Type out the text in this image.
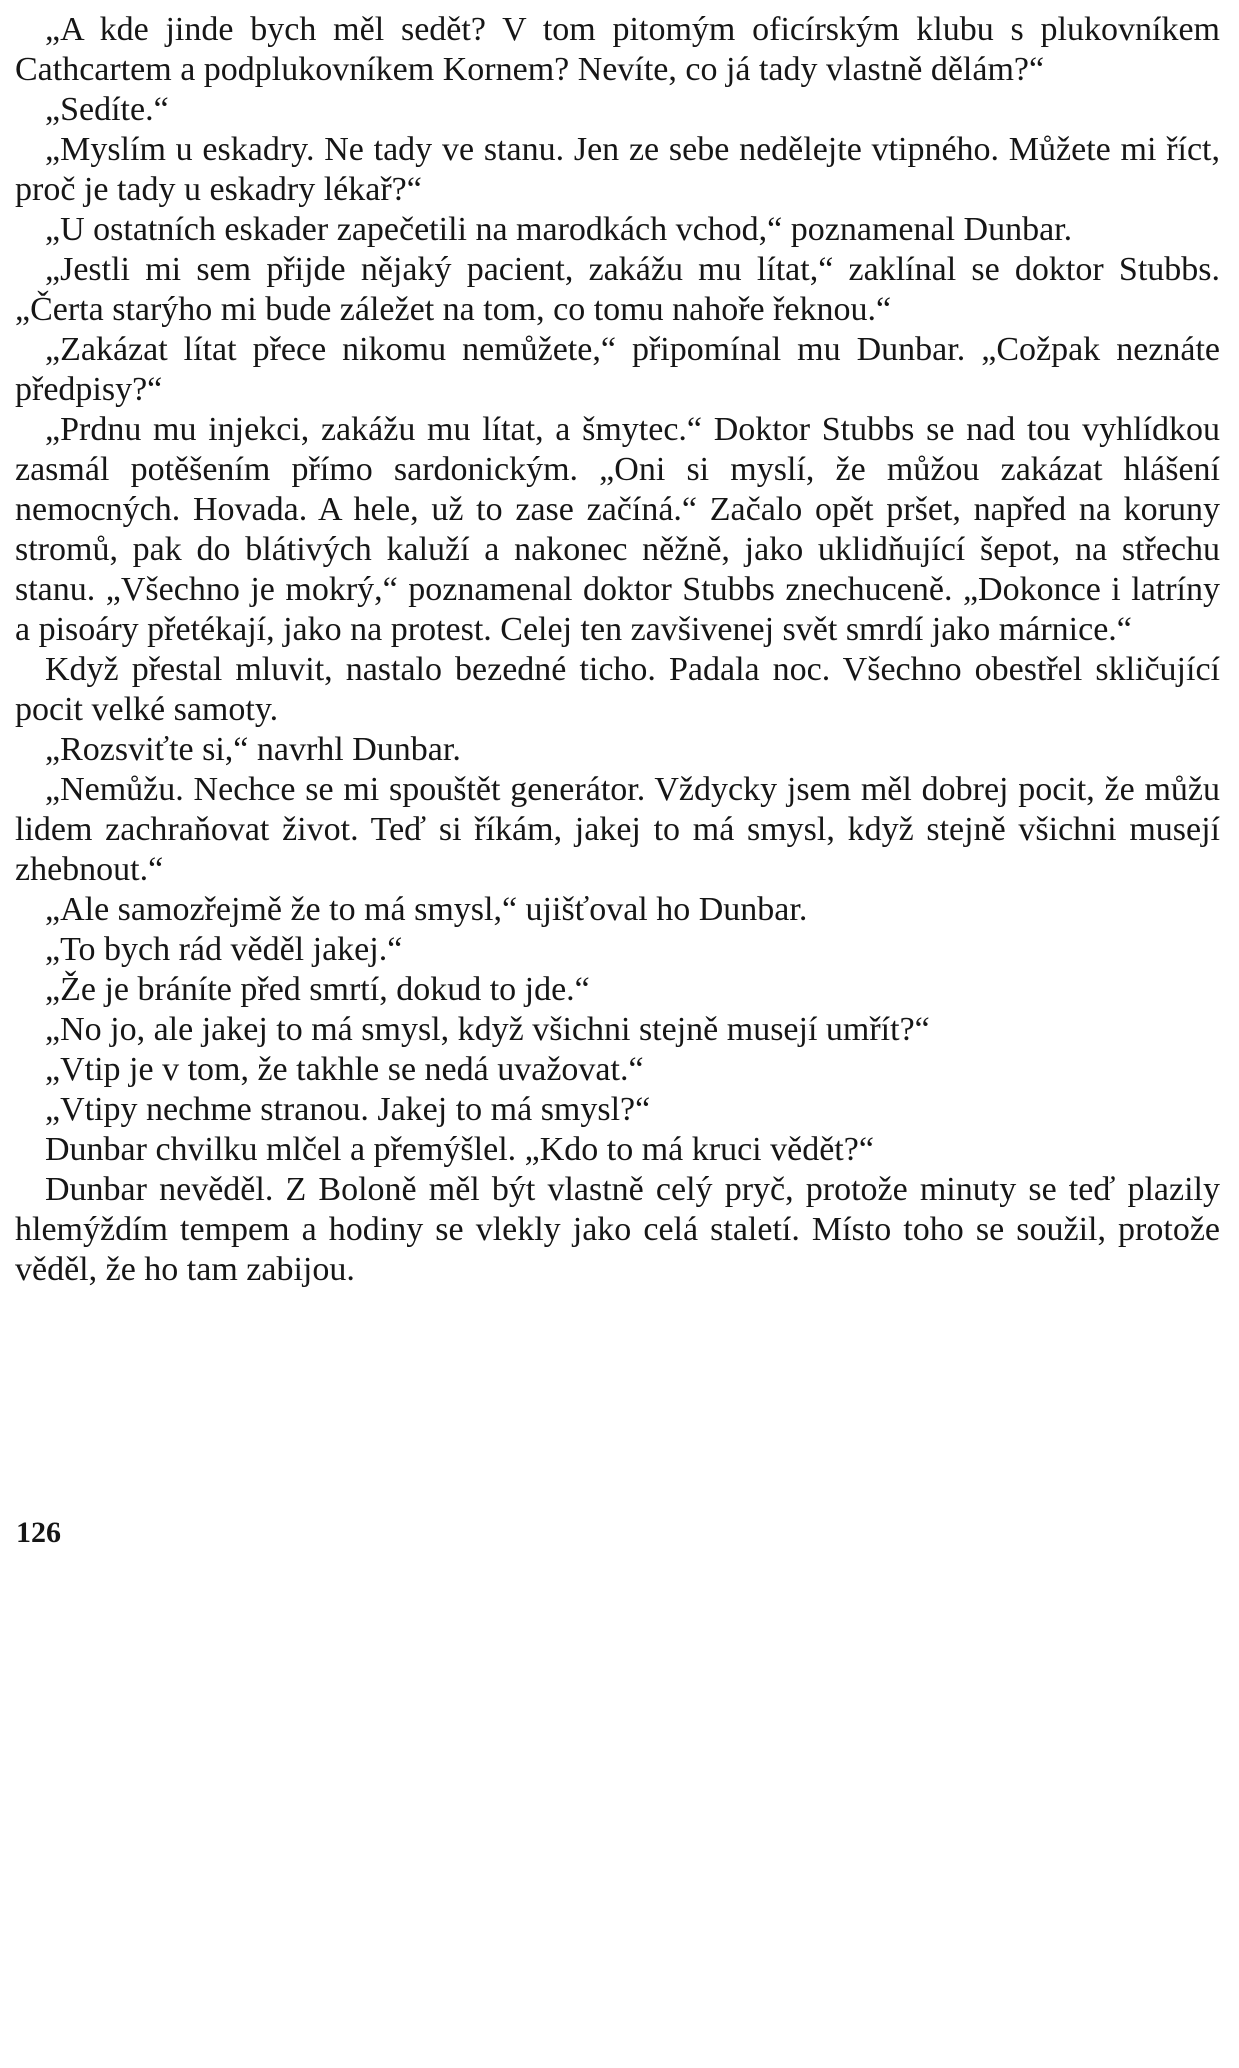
„A kde jinde bych měl sedět? V tom pitomým oficírským klubu s plukovníkem Cathcartem a podplukovníkem Kornem? Nevíte, co já tady vlastně dělám?“

„Sedíte.“

„Myslím u eskadry. Ne tady ve stanu. Jen ze sebe nedělejte vtipného. Můžete mi říct, proč je tady u eskadry lékař?“

„U ostatních eskader zapečetili na marodkách vchod,“ poznamenal Dunbar.

„Jestli mi sem přijde nějaký pacient, zakážu mu lítat,“ zaklínal se doktor Stubbs. „Čerta starýho mi bude záležet na tom, co tomu nahoře řeknou.“

„Zakázat lítat přece nikomu nemůžete,“ připomínal mu Dunbar. „Cožpak neznáte předpisy?“

„Prdnu mu injekci, zakážu mu lítat, a šmytec.“ Doktor Stubbs se nad tou vyhlídkou zasmál potěšením přímo sardonickým. „Oni si myslí, že můžou zakázat hlášení nemocných. Hovada. A hele, už to zase začíná.“ Začalo opět pršet, napřed na koruny stromů, pak do blátivých kaluží a nakonec něžně, jako uklidňující šepot, na střechu stanu. „Všechno je mokrý,“ poznamenal doktor Stubbs znechuceně. „Dokonce i latríny a pisoáry přetékají, jako na protest. Celej ten zavšivenej svět smrdí jako márnice.“

Když přestal mluvit, nastalo bezedné ticho. Padala noc. Všechno obestřel skličující pocit velké samoty.

„Rozsviťte si,“ navrhl Dunbar.

„Nemůžu. Nechce se mi spouštět generátor. Vždycky jsem měl dobrej pocit, že můžu lidem zachraňovat život. Teď si říkám, jakej to má smysl, když stejně všichni musejí zhebnout.“

„Ale samozřejmě že to má smysl,“ ujišťoval ho Dunbar.

„To bych rád věděl jakej.“

„Že je bráníte před smrtí, dokud to jde.“

„No jo, ale jakej to má smysl, když všichni stejně musejí umřít?“

„Vtip je v tom, že takhle se nedá uvažovat.“

„Vtipy nechme stranou. Jakej to má smysl?“

Dunbar chvilku mlčel a přemýšlel. „Kdo to má kruci vědět?“

Dunbar nevěděl. Z Boloně měl být vlastně celý pryč, protože minuty se teď plazily hlemýždím tempem a hodiny se vlekly jako celá staletí. Místo toho se soužil, protože věděl, že ho tam zabijou.

126
